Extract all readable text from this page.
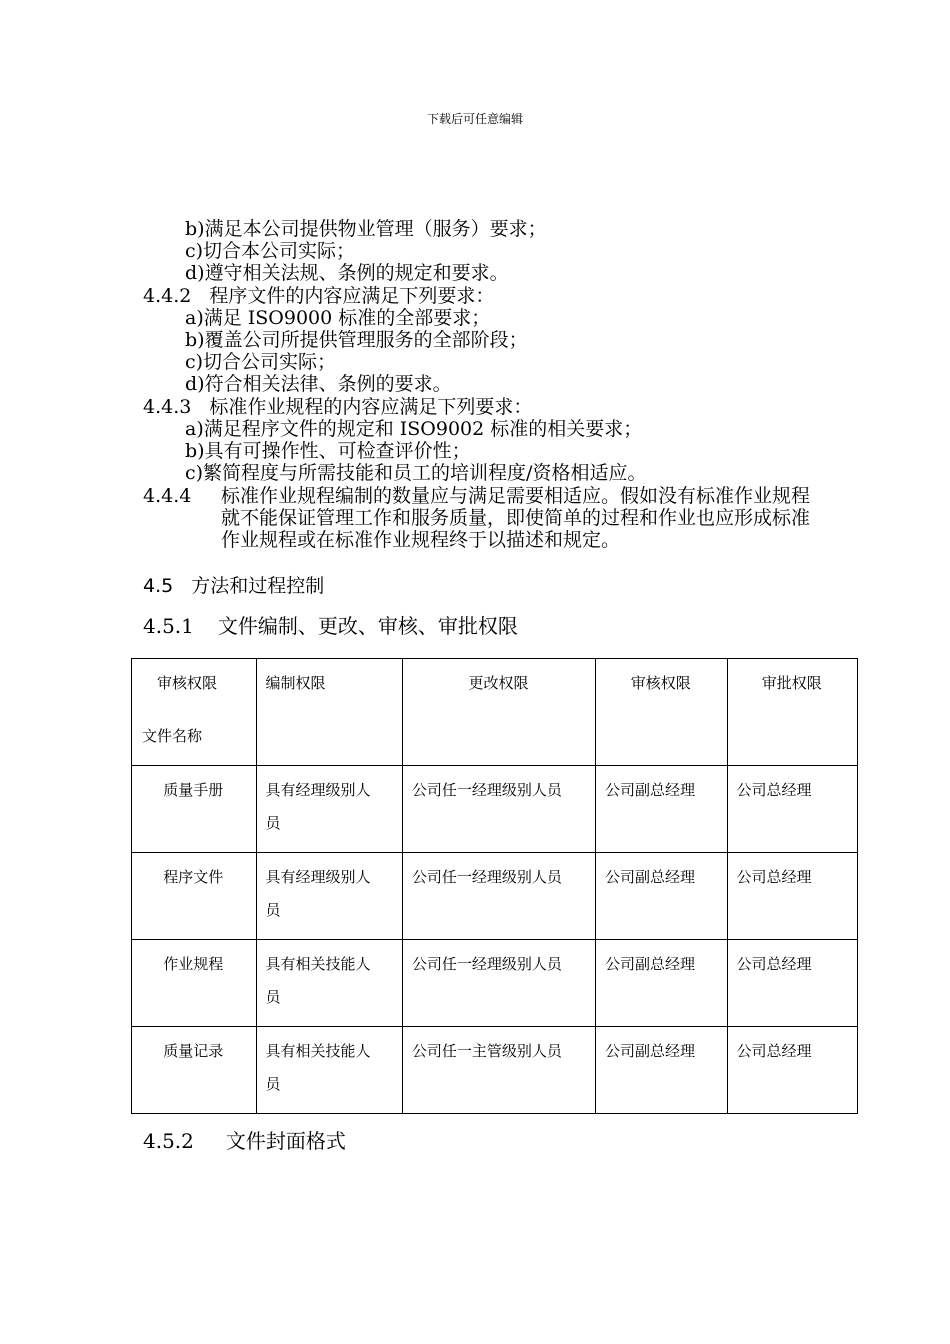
下载后可任意编辑
b)满足本公司提供物业管理（服务）要求；
c)切合本公司实际；
d)遵守相关法规、条例的规定和要求。
4.4.2 程序文件的内容应满足下列要求：
a)满足 ISO9000 标准的全部要求；
b)覆盖公司所提供管理服务的全部阶段；
c)切合公司实际；
d)符合相关法律、条例的要求。
4.4.3 标准作业规程的内容应满足下列要求：
a)满足程序文件的规定和 ISO9002 标准的相关要求；
b)具有可操作性、可检查评价性；
c)繁简程度与所需技能和员工的培训程度/资格相适应。
4.4.4	标准作业规程编制的数量应与满足需要相适应。假如没有标准作业规程就不能保证管理工作和服务质量，即使简单的过程和作业也应形成标准作业规程或在标准作业规程终于以描述和规定。
4.5 方法和过程控制
4.5.1 文件编制、更改、审核、审批权限
审核权限
文件名称	编制权限	更改权限	审核权限	审批权限

质量手册	具有经理级别人
员	公司任一经理级别人员	公司副总经理	公司总经理

程序文件	具有经理级别人
员	公司任一经理级别人员	公司副总经理	公司总经理

作业规程	具有相关技能人
员	公司任一经理级别人员	公司副总经理	公司总经理

质量记录	具有相关技能人
员	公司任一主管级别人员	公司副总经理	公司总经理
4.5.2 文件封面格式
